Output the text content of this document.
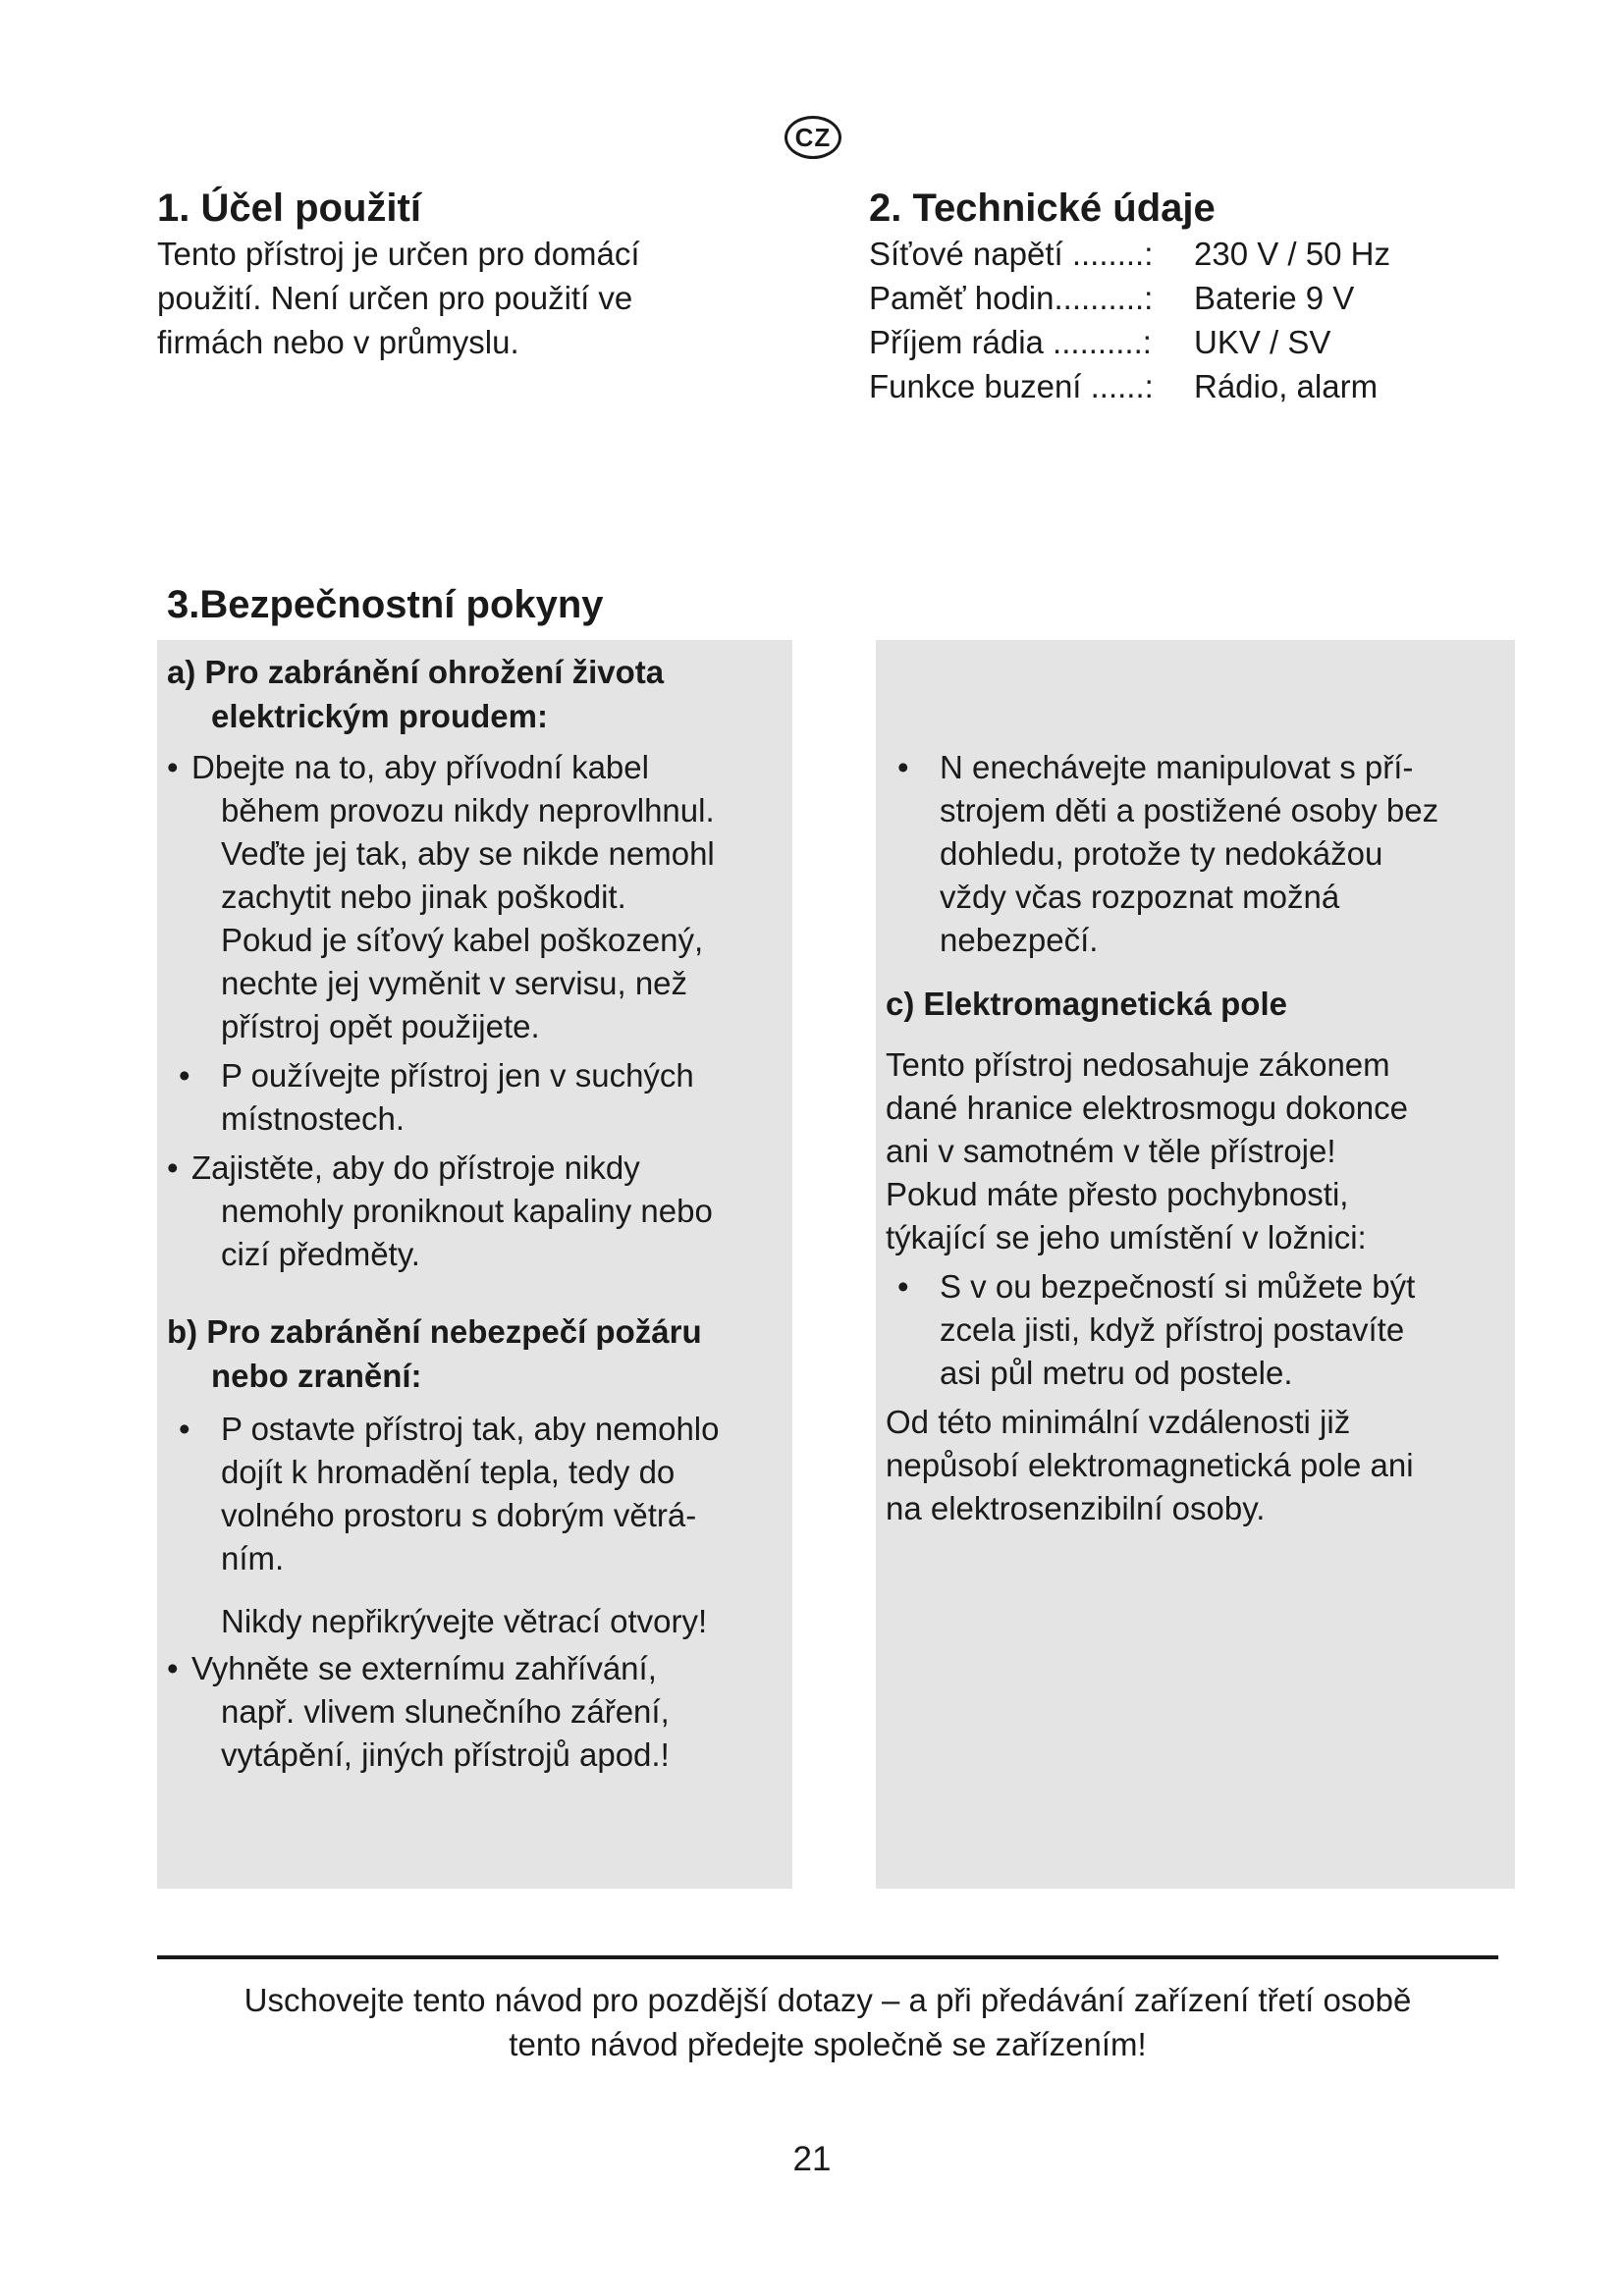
CZ
1. Účel použití
Tento přístroj je určen pro domácí
použití. Není určen pro použití ve
firmách nebo v průmyslu.
2. Technické údaje
Síťové napětí ........:	230 V / 50 Hz
Paměť hodin..........:	Baterie 9 V
Příjem rádia ..........:	UKV / SV
Funkce buzení ......:	Rádio, alarm
3.Bezpečnostní pokyny
a) Pro zabránění ohrožení života
elektrickým proudem:
• Dbejte na to, aby přívodní kabel
během provozu nikdy neprovlhnul.
Veďte jej tak, aby se nikde nemohl
zachytit nebo jinak poškodit.
Pokud je síťový kabel poškozený,
nechte jej vyměnit v servisu, než
přístroj opět použijete.
• P oužívejte přístroj jen v suchých
místnostech.
• Zajistěte, aby do přístroje nikdy
nemohly proniknout kapaliny nebo
cizí předměty.
b) Pro zabránění nebezpečí požáru
nebo zranění:
• P ostavte přístroj tak, aby nemohlo
dojít k hromadění tepla, tedy do
volného prostoru s dobrým větrá-
ním.
Nikdy nepřikrývejte větrací otvory!
• Vyhněte se externímu zahřívání,
např. vlivem slunečního záření,
vytápění, jiných přístrojů apod.!
• N enechávejte manipulovat s pří-
strojem děti a postižené osoby bez
dohledu, protože ty nedokážou
vždy včas rozpoznat možná
nebezpečí.
c) Elektromagnetická pole
Tento přístroj nedosahuje zákonem
dané hranice elektrosmogu dokonce
ani v samotném v těle přístroje!
Pokud máte přesto pochybnosti,
týkající se jeho umístění v ložnici:
• S v ou bezpečností si můžete být
zcela jisti, když přístroj postavíte
asi půl metru od postele.
Od této minimální vzdálenosti již
nepůsobí elektromagnetická pole ani
na elektrosenzibilní osoby.
Uschovejte tento návod pro pozdější dotazy – a při předávání zařízení třetí osobě
tento návod předejte společně se zařízením!
21
